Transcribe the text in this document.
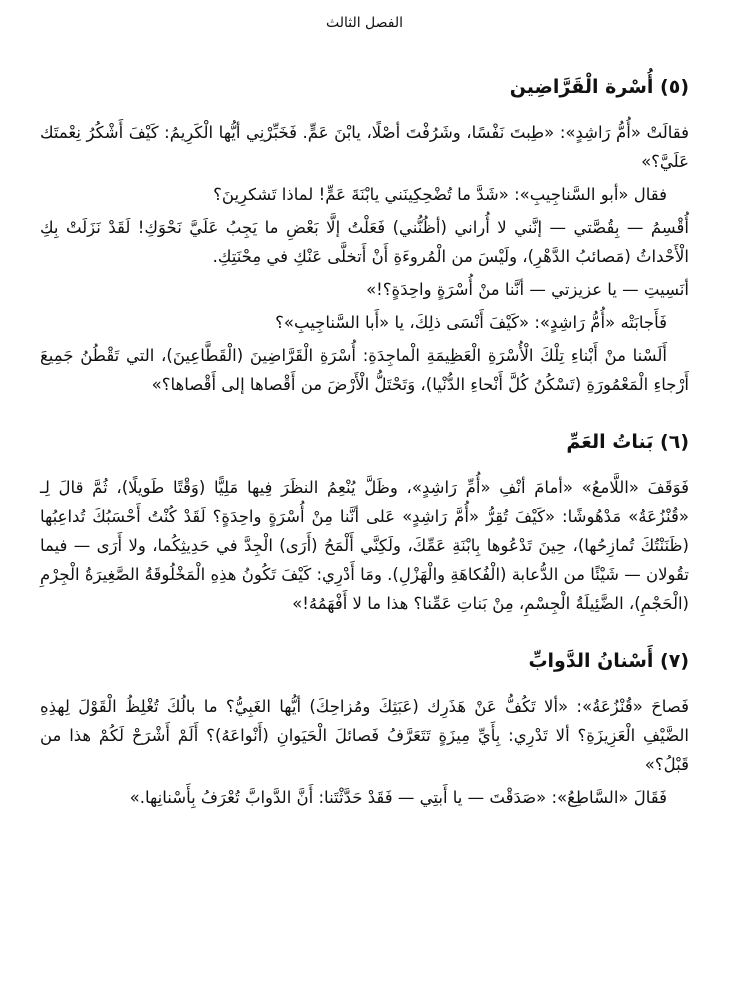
الفصل الثالث
(٥) أُسْرة الْقَرَّاضِين

فقالَتْ «أُمُّ رَاشِدٍ»: «طِبتَ نَفْسًا، وشَرُفْتَ أصْلًا، يابْنَ عَمٍّ. فَخَبِّرْنِي أيُّها الْكَرِيمُ: كَيْفَ أَشْكُرُ نِعْمتَك عَلَيَّ؟»

فقال «أبو السَّناجِيبِ»: «شَدَّ ما تُضْحِكِينَني يابْنَةَ عَمٍّ! لماذا تَشكرِينَ؟

أُقْسِمُ — بِقُصَّتي — إنَّني لا أُراني (أظُنُّني) فَعَلْتُ إلَّا بَعْضِ ما يَجِبُ عَلَيَّ نَحْوَكِ! لَقَدْ نَزَلَتْ بِكِ الْأَحْداثُ (مَصائبُ الدَّهْرِ)، ولَيْسَ من الْمُروءَةِ أَنْ أَتخلَّى عَنْكِ في مِحْنَتِكِ.

أنَسِيتِ — يا عزيزتي — أنَّنا منْ أُسْرَةٍ واحِدَةٍ؟!»

فَأَجابَتْه «أُمُّ رَاشِدٍ»: «كَيْفَ أَنْسَى ذلِكَ، يا «أَبا السَّناجِيبِ»؟

أَلَسْنا منْ أَبْناءِ تِلْكَ الْأُسْرَةِ الْعَظِيمَةِ الْماجِدَةِ: أُسْرَةِ الْقَرَّاضِينَ (الْقَطَّاعِينَ)، التي تَقْطُنُ جَمِيعَ أَرْجاءِ الْمَعْمُورَةِ (تَسْكُنُ كُلَّ أَنْحاءِ الدُّنْيا)، وَتَحْتَلُّ الْأَرْضَ من أَقْصاها إلى أَقْصاها؟»

(٦) بَناتُ العَمِّ

فَوَقَفَ «اللَّامعُ» «أمامَ أنْفِ «أُمِّ رَاشِدٍ»، وظَلَّ يُنْعِمُ النظَرَ فِيها مَلِيًّا (وَقْتًا طَويلًا)، ثُمَّ قالَ لِـ «قُنْزُعَةُ» مَدْهُوشًا: «كَيْفَ تُقِرُّ «أُمَّ رَاشِدٍ» عَلى أنَّنا مِنْ أُسْرَةٍ واحِدَةٍ؟ لَقَدْ كُنْتُ أَحْسَبُكَ تُداعِبُها (ظَنَنْتُكَ تُمازِحُها)، حِينَ تَدْعُوها بِابْنَةِ عَمِّكَ، ولَكِنَّي أَلْمَحُ (أَرَى) الْجِدَّ في حَدِيثِكُما، ولا أَرَى — فيما تقُولان — شَيْئًا من الدُّعابة (الْفُكاهَةِ والْهَزْلِ). ومَا أَدْرِي: كَيْفَ تَكُونُ هذِهِ الْمَخْلُوقَةُ الصَّغِيرَةُ الْجِرْمِ (الْحَجْمِ)، الضَّئِيلَةُ الْجِسْمِ، مِنْ بَناتِ عَمِّنا؟ هذا ما لا أَفْهَمُهُ!»

(٧) أَسْنانُ الدَّوابِّ

فَصاحَ «قُنْزُعَةُ»: «ألا تَكُفُّ عَنْ هَذَرِك (عَبَثِكَ ومُزاحِكَ) أيُّها الغَبِيُّ؟ ما بالُكَ تُغْلِظُ الْقَوْلَ لِهذِهِ الضَّيْفِ الْعَزِيزَةِ؟ ألا تَدْرِي: بِأَيِّ مِيزَةٍ تَتَعَرَّفُ فَصائلَ الْحَيَوانِ (أَنْواعَهُ)؟ أَلَمْ أَشْرَحْ لَكُمْ هذا من قَبْلُ؟»

فَقَالَ «السَّاطِعُ»: «صَدَقْتَ — يا أَبتِي — فَقَدْ حَدَّثْتَنا: أَنَّ الدَّوابَّ تُعْرَفُ بِأَسْنانِها.»
